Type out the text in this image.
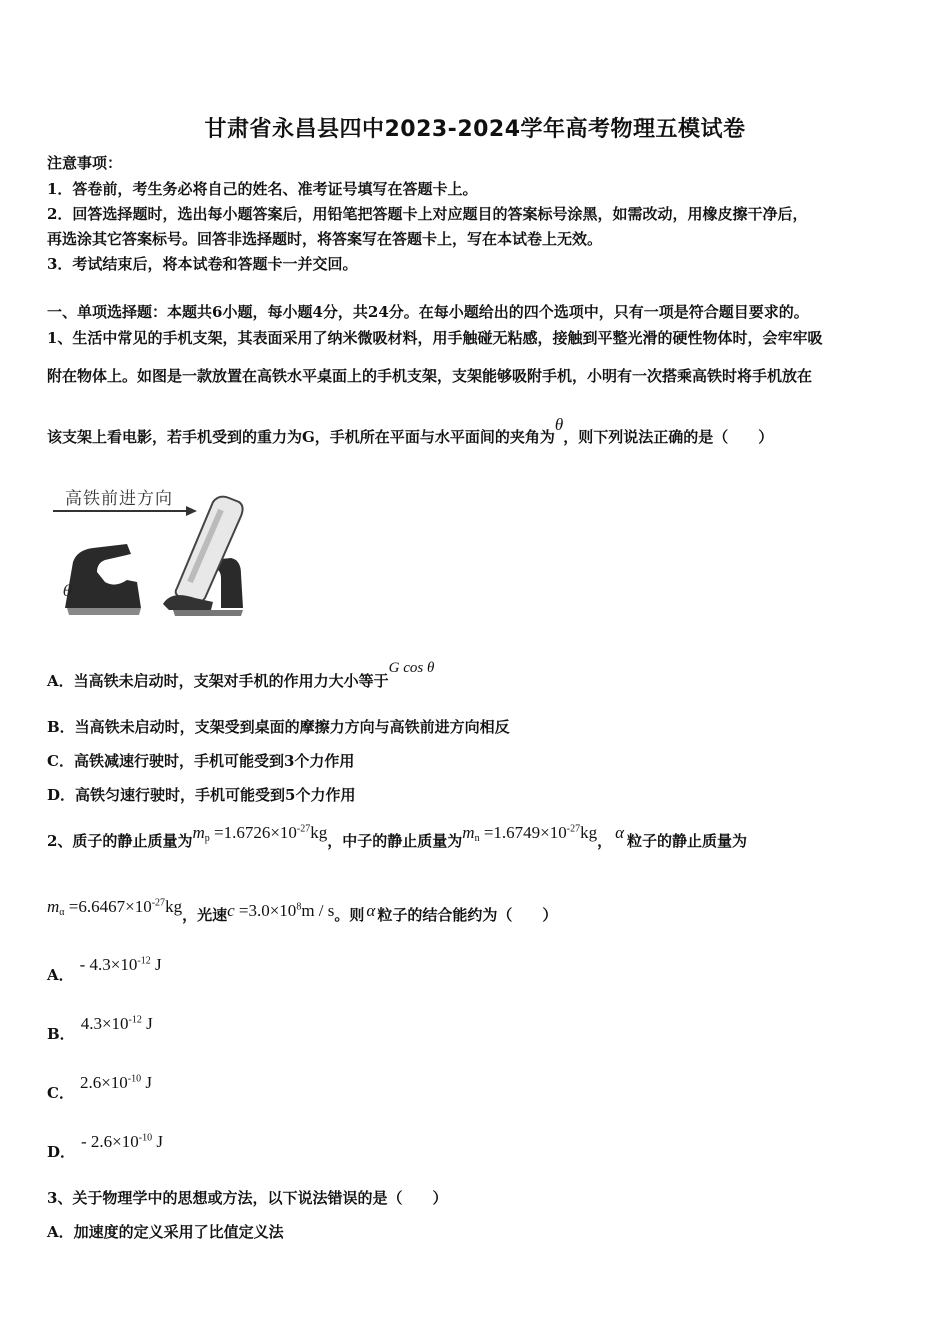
甘肃省永昌县四中2023-2024学年高考物理五模试卷
注意事项：
1．答卷前，考生务必将自己的姓名、准考证号填写在答题卡上。
2．回答选择题时，选出每小题答案后，用铅笔把答题卡上对应题目的答案标号涂黑，如需改动，用橡皮擦干净后，
再选涂其它答案标号。回答非选择题时，将答案写在答题卡上，写在本试卷上无效。
3．考试结束后，将本试卷和答题卡一并交回。
一、单项选择题：本题共6小题，每小题4分，共24分。在每小题给出的四个选项中，只有一项是符合题目要求的。
1、生活中常见的手机支架，其表面采用了纳米微吸材料，用手触碰无粘感，接触到平整光滑的硬性物体时，会牢牢吸
附在物体上。如图是一款放置在高铁水平桌面上的手机支架，支架能够吸附手机，小明有一次搭乘高铁时将手机放在
该支架上看电影，若手机受到的重力为G，手机所在平面与水平面间的夹角为θ，则下列说法正确的是（　　）
高铁前进方向
θ
A．当高铁未启动时，支架对手机的作用力大小等于G cos θ
B．当高铁未启动时，支架受到桌面的摩擦力方向与高铁前进方向相反
C．高铁减速行驶时，手机可能受到3个力作用
D．高铁匀速行驶时，手机可能受到5个力作用
2、质子的静止质量为mp $=1.6726\times 10^{-27}kg$，中子的静止质量为mn $=1.6749\times 10^{-27}kg$， α 粒子的静止质量为
$m\alpha =6.6467\times 10^{-27}kg$，光速$c =3.0\times 10^8m / s$。则 α 粒子的结合能约为（　　）
A．- $4.3\times 10^{-12}$ J
B．$4.3\times 10^{-12}$ J
C．$2.6\times 10^{-10}$ J
D．- $2.6\times 10^{-10}$ J
3、关于物理学中的思想或方法，以下说法错误的是（　　）
A．加速度的定义采用了比值定义法
